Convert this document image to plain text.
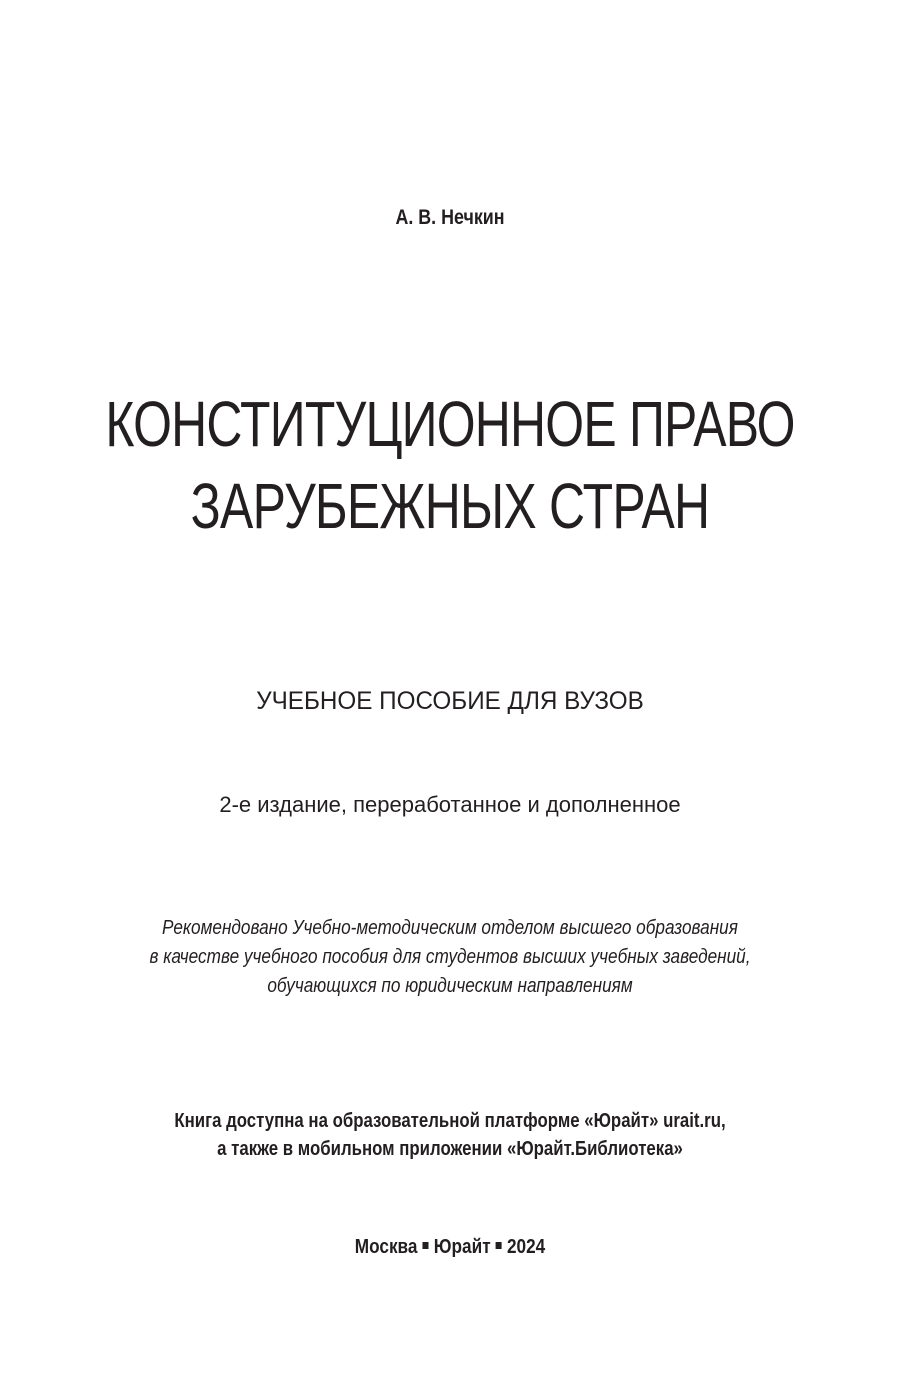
А. В. Нечкин
КОНСТИТУЦИОННОЕ ПРАВО
ЗАРУБЕЖНЫХ СТРАН
УЧЕБНОЕ ПОСОБИЕ ДЛЯ ВУЗОВ
2-е издание, переработанное и дополненное
Рекомендовано Учебно-методическим отделом высшего образования
в качестве учебного пособия для студентов высших учебных заведений,
обучающихся по юридическим направлениям
Книга доступна на образовательной платформе «Юрайт» urait.ru,
а также в мобильном приложении «Юрайт.Библиотека»
Москва Юрайт 2024
